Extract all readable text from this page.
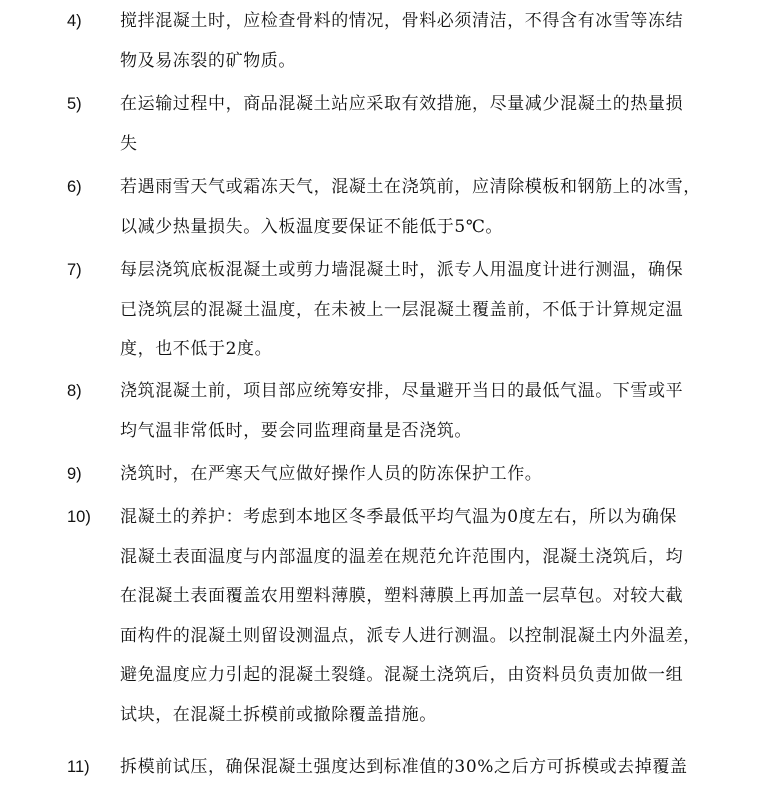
4) 搅拌混凝土时，应检查骨料的情况，骨料必须清洁，不得含有冰雪等冻结
物及易冻裂的矿物质。
5) 在运输过程中，商品混凝土站应采取有效措施，尽量减少混凝土的热量损
失
6) 若遇雨雪天气或霜冻天气，混凝土在浇筑前，应清除模板和钢筋上的冰雪，
以减少热量损失。入板温度要保证不能低于5℃。
7) 每层浇筑底板混凝土或剪力墙混凝土时，派专人用温度计进行测温，确保
已浇筑层的混凝土温度，在未被上一层混凝土覆盖前，不低于计算规定温
度，也不低于2度。
8) 浇筑混凝土前，项目部应统筹安排，尽量避开当日的最低气温。下雪或平
均气温非常低时，要会同监理商量是否浇筑。
9) 浇筑时，在严寒天气应做好操作人员的防冻保护工作。
10) 混凝土的养护：考虑到本地区冬季最低平均气温为0度左右，所以为确保
混凝土表面温度与内部温度的温差在规范允许范围内，混凝土浇筑后，均
在混凝土表面覆盖农用塑料薄膜，塑料薄膜上再加盖一层草包。对较大截
面构件的混凝土则留设测温点，派专人进行测温。以控制混凝土内外温差，
避免温度应力引起的混凝土裂缝。混凝土浇筑后，由资料员负责加做一组
试块，在混凝土拆模前或撤除覆盖措施。
11) 拆模前试压，确保混凝土强度达到标准值的30%之后方可拆模或去掉覆盖
